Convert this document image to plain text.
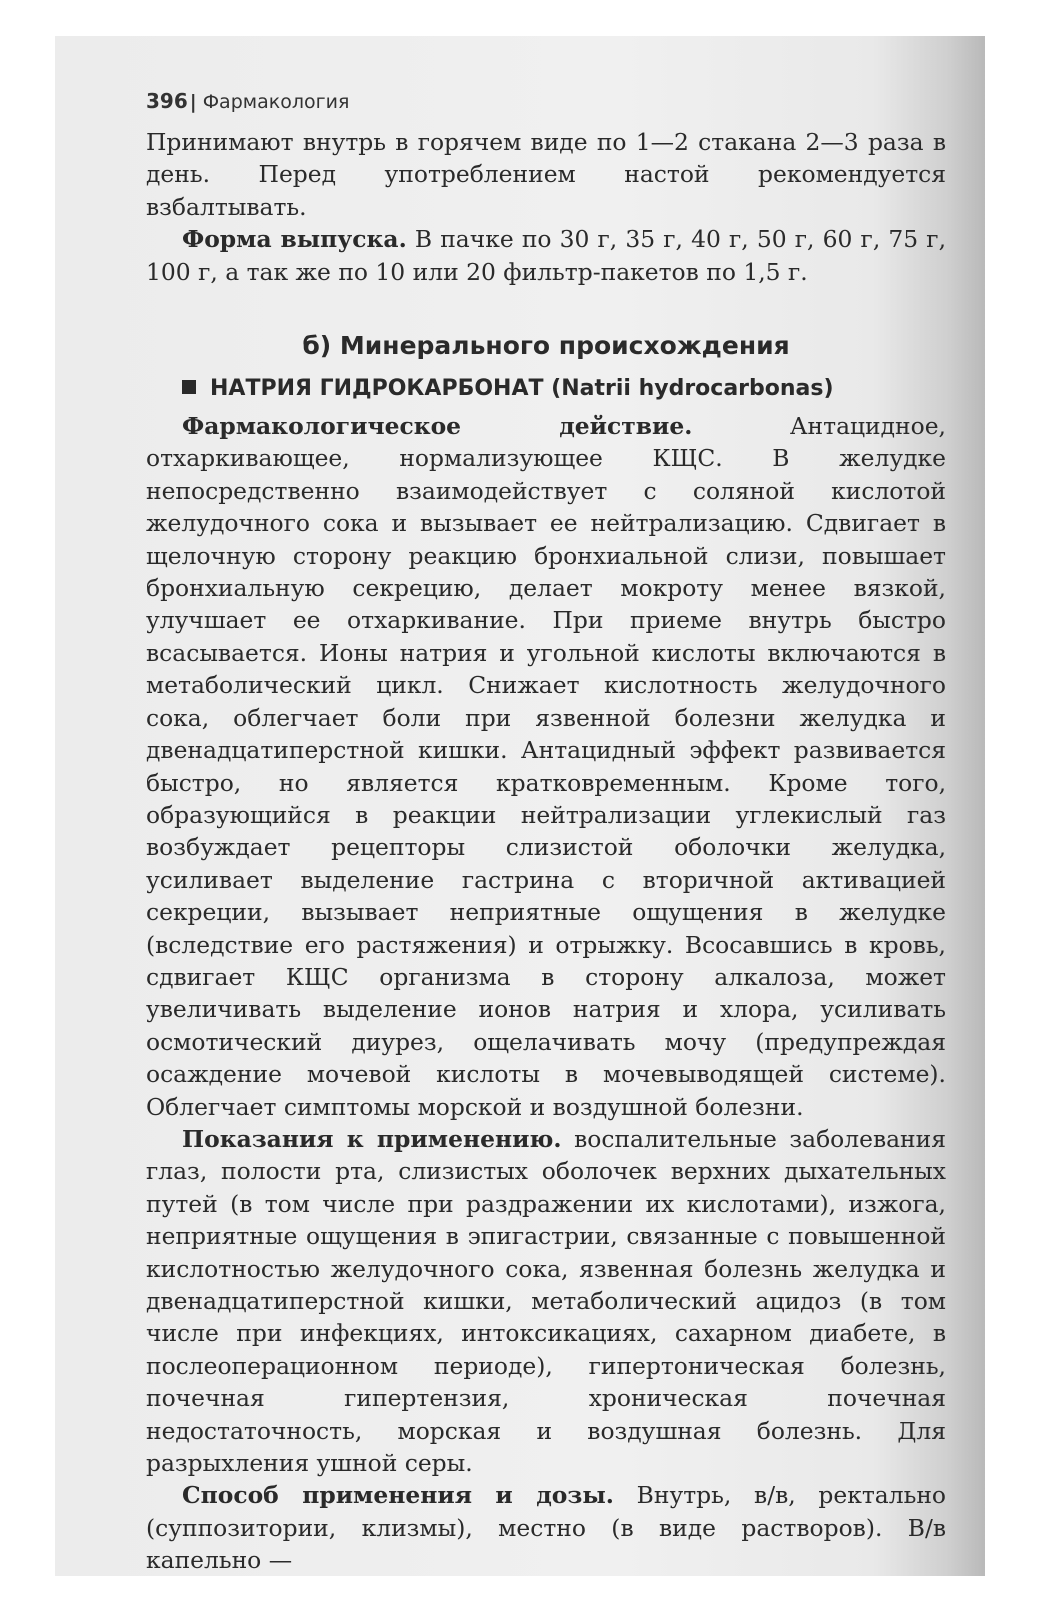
396 | Фармакология

Принимают внутрь в горячем виде по 1—2 стакана 2—3 раза в день. Перед употреблением настой рекомендуется взбалтывать.

Форма выпуска. В пачке по 30 г, 35 г, 40 г, 50 г, 60 г, 75 г, 100 г, а так же по 10 или 20 фильтр-пакетов по 1,5 г.

б) Минерального происхождения
НАТРИЯ ГИДРОКАРБОНАТ (Natrii hydrocarbonas)

Фармакологическое действие. Антацидное, отхаркивающее, нормализующее КЩС. В желудке непосредственно взаимодействует с соляной кислотой желудочного сока и вызывает ее нейтрализацию. Сдвигает в щелочную сторону реакцию бронхиальной слизи, повышает бронхиальную секрецию, делает мокроту менее вязкой, улучшает ее отхаркивание. При приеме внутрь быстро всасывается. Ионы натрия и угольной кислоты включаются в метаболический цикл. Снижает кислотность желудочного сока, облегчает боли при язвенной болезни желудка и двенадцатиперстной кишки. Антацидный эффект развивается быстро, но является кратковременным. Кроме того, образующийся в реакции нейтрализации углекислый газ возбуждает рецепторы слизистой оболочки желудка, усиливает выделение гастрина с вторичной активацией секреции, вызывает неприятные ощущения в желудке (вследствие его растяжения) и отрыжку. Всосавшись в кровь, сдвигает КЩС организма в сторону алкалоза, может увеличивать выделение ионов натрия и хлора, усиливать осмотический диурез, ощелачивать мочу (предупреждая осаждение мочевой кислоты в мочевыводящей системе). Облегчает симптомы морской и воздушной болезни.

Показания к применению. воспалительные заболевания глаз, полости рта, слизистых оболочек верхних дыхательных путей (в том числе при раздражении их кислотами), изжога, неприятные ощущения в эпигастрии, связанные с повышенной кислотностью желудочного сока, язвенная болезнь желудка и двенадцатиперстной кишки, метаболический ацидоз (в том числе при инфекциях, интоксикациях, сахарном диабете, в послеоперационном периоде), гипертоническая болезнь, почечная гипертензия, хроническая почечная недостаточность, морская и воздушная болезнь. Для разрыхления ушной серы.

Способ применения и дозы. Внутрь, в/в, ректально (суппозитории, клизмы), местно (в виде растворов). В/в капельно —
